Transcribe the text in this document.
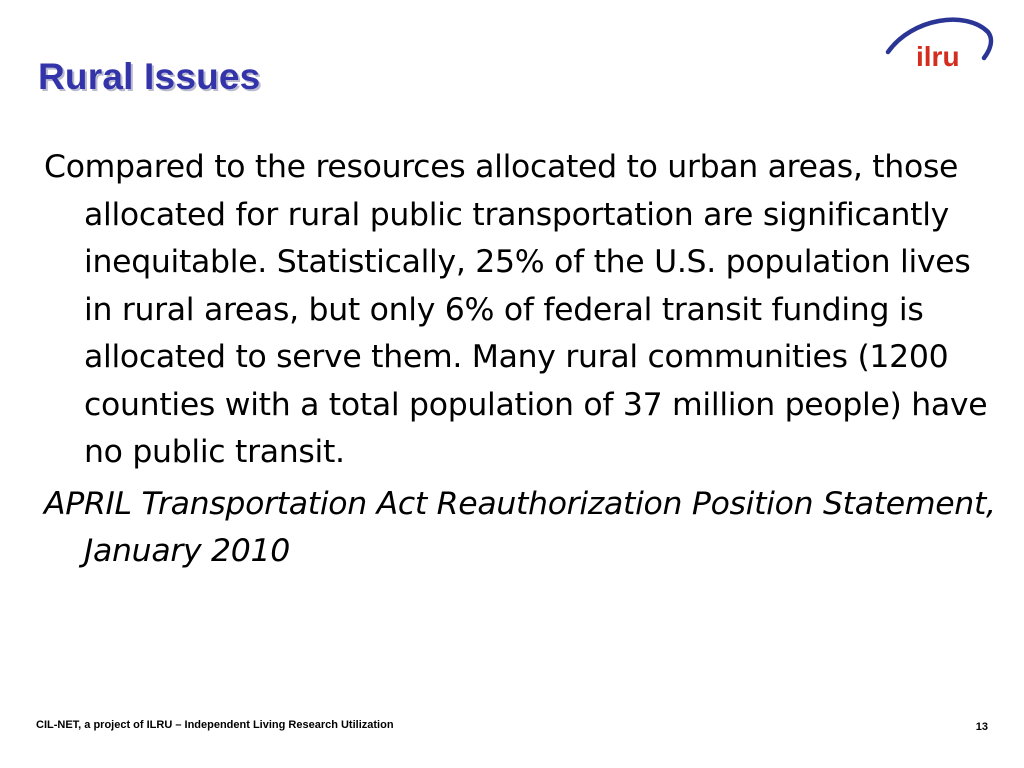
Rural Issues	ilru

Compared to the resources allocated to urban areas, those allocated for rural public transportation are significantly inequitable. Statistically, 25% of the U.S. population lives in rural areas, but only 6% of federal transit funding is allocated to serve them. Many rural communities (1200 counties with a total population of 37 million people) have no public transit.

APRIL Transportation Act Reauthorization Position Statement, January 2010

CIL-NET, a project of ILRU – Independent Living Research Utilization	13
